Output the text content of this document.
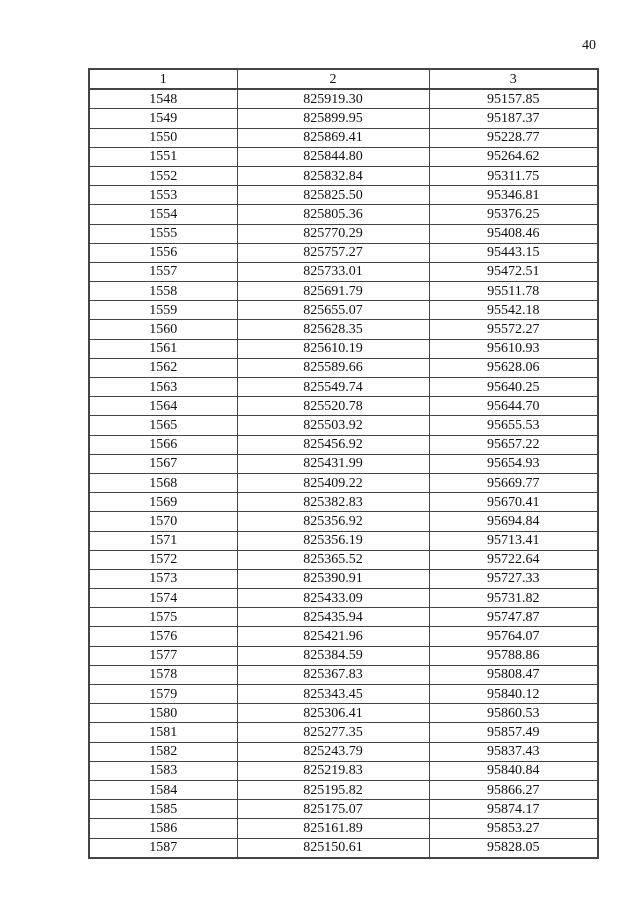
40
1	2	3
1548	825919.30	95157.85
1549	825899.95	95187.37
1550	825869.41	95228.77
1551	825844.80	95264.62
1552	825832.84	95311.75
1553	825825.50	95346.81
1554	825805.36	95376.25
1555	825770.29	95408.46
1556	825757.27	95443.15
1557	825733.01	95472.51
1558	825691.79	95511.78
1559	825655.07	95542.18
1560	825628.35	95572.27
1561	825610.19	95610.93
1562	825589.66	95628.06
1563	825549.74	95640.25
1564	825520.78	95644.70
1565	825503.92	95655.53
1566	825456.92	95657.22
1567	825431.99	95654.93
1568	825409.22	95669.77
1569	825382.83	95670.41
1570	825356.92	95694.84
1571	825356.19	95713.41
1572	825365.52	95722.64
1573	825390.91	95727.33
1574	825433.09	95731.82
1575	825435.94	95747.87
1576	825421.96	95764.07
1577	825384.59	95788.86
1578	825367.83	95808.47
1579	825343.45	95840.12
1580	825306.41	95860.53
1581	825277.35	95857.49
1582	825243.79	95837.43
1583	825219.83	95840.84
1584	825195.82	95866.27
1585	825175.07	95874.17
1586	825161.89	95853.27
1587	825150.61	95828.05
